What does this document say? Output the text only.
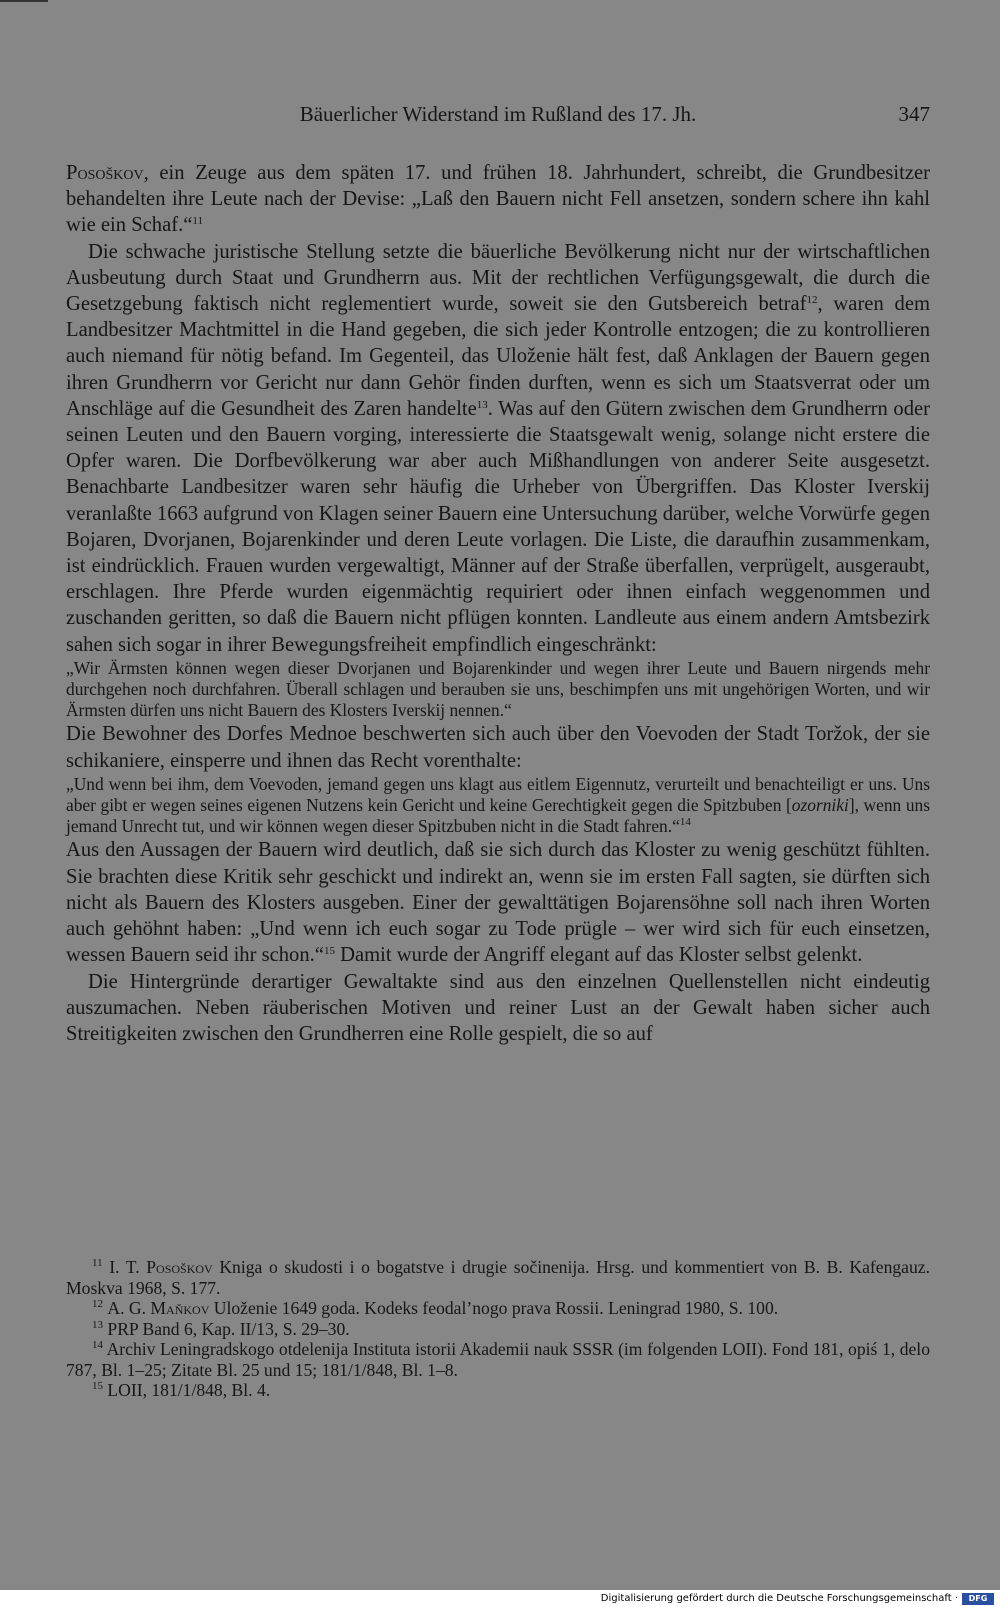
Bäuerlicher Widerstand im Rußland des 17. Jh.	347

Posoškov, ein Zeuge aus dem späten 17. und frühen 18. Jahrhundert, schreibt, die Grundbesitzer behandelten ihre Leute nach der Devise: „Laß den Bauern nicht Fell ansetzen, sondern schere ihn kahl wie ein Schaf.“$^{11}$

Die schwache juristische Stellung setzte die bäuerliche Bevölkerung nicht nur der wirtschaftlichen Ausbeutung durch Staat und Grundherrn aus. Mit der rechtlichen Verfügungsgewalt, die durch die Gesetzgebung faktisch nicht reglementiert wurde, soweit sie den Gutsbereich betraf$^{12}$, waren dem Landbesitzer Machtmittel in die Hand gegeben, die sich jeder Kontrolle entzogen; die zu kontrollieren auch niemand für nötig befand. Im Gegenteil, das Uloženie hält fest, daß Anklagen der Bauern gegen ihren Grundherrn vor Gericht nur dann Gehör finden durften, wenn es sich um Staatsverrat oder um Anschläge auf die Gesundheit des Zaren handelte$^{13}$. Was auf den Gütern zwischen dem Grundherrn oder seinen Leuten und den Bauern vorging, interessierte die Staatsgewalt wenig, solange nicht erstere die Opfer waren. Die Dorfbevölkerung war aber auch Mißhandlungen von anderer Seite ausgesetzt. Benachbarte Landbesitzer waren sehr häufig die Urheber von Übergriffen. Das Kloster Iverskij veranlaßte 1663 aufgrund von Klagen seiner Bauern eine Untersuchung darüber, welche Vorwürfe gegen Bojaren, Dvorjanen, Bojarenkinder und deren Leute vorlagen. Die Liste, die daraufhin zusammenkam, ist eindrücklich. Frauen wurden vergewaltigt, Männer auf der Straße überfallen, verprügelt, ausgeraubt, erschlagen. Ihre Pferde wurden eigenmächtig requiriert oder ihnen einfach weggenommen und zuschanden geritten, so daß die Bauern nicht pflügen konnten. Landleute aus einem andern Amtsbezirk sahen sich sogar in ihrer Bewegungsfreiheit empfindlich eingeschränkt:

„Wir Ärmsten können wegen dieser Dvorjanen und Bojarenkinder und wegen ihrer Leute und Bauern nirgends mehr durchgehen noch durchfahren. Überall schlagen und berauben sie uns, beschimpfen uns mit ungehörigen Worten, und wir Ärmsten dürfen uns nicht Bauern des Klosters Iverskij nennen.“

Die Bewohner des Dorfes Mednoe beschwerten sich auch über den Voevoden der Stadt Toržok, der sie schikaniere, einsperre und ihnen das Recht vorenthalte:

„Und wenn bei ihm, dem Voevoden, jemand gegen uns klagt aus eitlem Eigennutz, verurteilt und benachteiligt er uns. Uns aber gibt er wegen seines eigenen Nutzens kein Gericht und keine Gerechtigkeit gegen die Spitzbuben [ozorniki], wenn uns jemand Unrecht tut, und wir können wegen dieser Spitzbuben nicht in die Stadt fahren.“$^{14}$

Aus den Aussagen der Bauern wird deutlich, daß sie sich durch das Kloster zu wenig geschützt fühlten. Sie brachten diese Kritik sehr geschickt und indirekt an, wenn sie im ersten Fall sagten, sie dürften sich nicht als Bauern des Klosters ausgeben. Einer der gewalttätigen Bojarensöhne soll nach ihren Worten auch gehöhnt haben: „Und wenn ich euch sogar zu Tode prügle – wer wird sich für euch einsetzen, wessen Bauern seid ihr schon.“$^{15}$ Damit wurde der Angriff elegant auf das Kloster selbst gelenkt.

Die Hintergründe derartiger Gewaltakte sind aus den einzelnen Quellenstellen nicht eindeutig auszumachen. Neben räuberischen Motiven und reiner Lust an der Gewalt haben sicher auch Streitigkeiten zwischen den Grundherren eine Rolle gespielt, die so auf

$^{11}$ I. T. Posoškov Kniga o skudosti i o bogatstve i drugie sočinenija. Hrsg. und kommentiert von B. B. Kafengauz. Moskva 1968, S. 177.

$^{12}$ A. G. Maňkov Uloženie 1649 goda. Kodeks feodal’nogo prava Rossii. Leningrad 1980, S. 100.

$^{13}$ PRP Band 6, Kap. II/13, S. 29–30.

$^{14}$ Archiv Leningradskogo otdelenija Instituta istorii Akademii nauk SSSR (im folgenden LOII). Fond 181, opiś 1, delo 787, Bl. 1–25; Zitate Bl. 25 und 15; 181/1/848, Bl. 1–8.

$^{15}$ LOII, 181/1/848, Bl. 4.

Digitalisierung gefördert durch die Deutsche Forschungsgemeinschaft ·	DFG
